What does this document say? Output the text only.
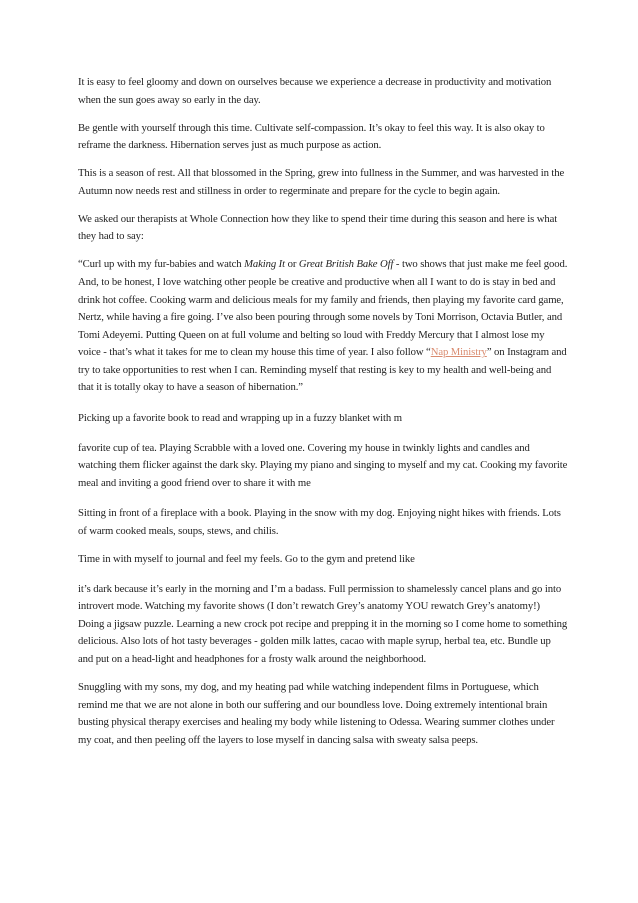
It is easy to feel gloomy and down on ourselves because we experience a decrease in productivity and motivation when the sun goes away so early in the day.

Be gentle with yourself through this time. Cultivate self-compassion. It’s okay to feel this way. It is also okay to reframe the darkness. Hibernation serves just as much purpose as action.

This is a season of rest. All that blossomed in the Spring, grew into fullness in the Summer, and was harvested in the Autumn now needs rest and stillness in order to regerminate and prepare for the cycle to begin again.

We asked our therapists at Whole Connection how they like to spend their time during this season and here is what they had to say:

“Curl up with my fur-babies and watch Making It or Great British Bake Off - two shows that just make me feel good. And, to be honest, I love watching other people be creative and productive when all I want to do is stay in bed and drink hot coffee. Cooking warm and delicious meals for my family and friends, then playing my favorite card game, Nertz, while having a fire going. I’ve also been pouring through some novels by Toni Morrison, Octavia Butler, and Tomi Adeyemi. Putting Queen on at full volume and belting so loud with Freddy Mercury that I almost lose my voice - that’s what it takes for me to clean my house this time of year. I also follow “Nap Ministry” on Instagram and try to take opportunities to rest when I can. Reminding myself that resting is key to my health and well-being and that it is totally okay to have a season of hibernation.”

Picking up a favorite book to read and wrapping up in a fuzzy blanket with m

favorite cup of tea. Playing Scrabble with a loved one. Covering my house in twinkly lights and candles and watching them flicker against the dark sky. Playing my piano and singing to myself and my cat. Cooking my favorite meal and inviting a good friend over to share it with me

Sitting in front of a fireplace with a book. Playing in the snow with my dog. Enjoying night hikes with friends. Lots of warm cooked meals, soups, stews, and chilis.

Time in with myself to journal and feel my feels. Go to the gym and pretend like

it’s dark because it’s early in the morning and I’m a badass. Full permission to shamelessly cancel plans and go into introvert mode. Watching my favorite shows (I don’t rewatch Grey’s anatomy YOU rewatch Grey’s anatomy!) Doing a jigsaw puzzle. Learning a new crock pot recipe and prepping it in the morning so I come home to something delicious. Also lots of hot tasty beverages - golden milk lattes, cacao with maple syrup, herbal tea, etc. Bundle up and put on a head-light and headphones for a frosty walk around the neighborhood.

Snuggling with my sons, my dog, and my heating pad while watching independent films in Portuguese, which remind me that we are not alone in both our suffering and our boundless love. Doing extremely intentional brain busting physical therapy exercises and healing my body while listening to Odessa. Wearing summer clothes under my coat, and then peeling off the layers to lose myself in dancing salsa with sweaty salsa peeps.
